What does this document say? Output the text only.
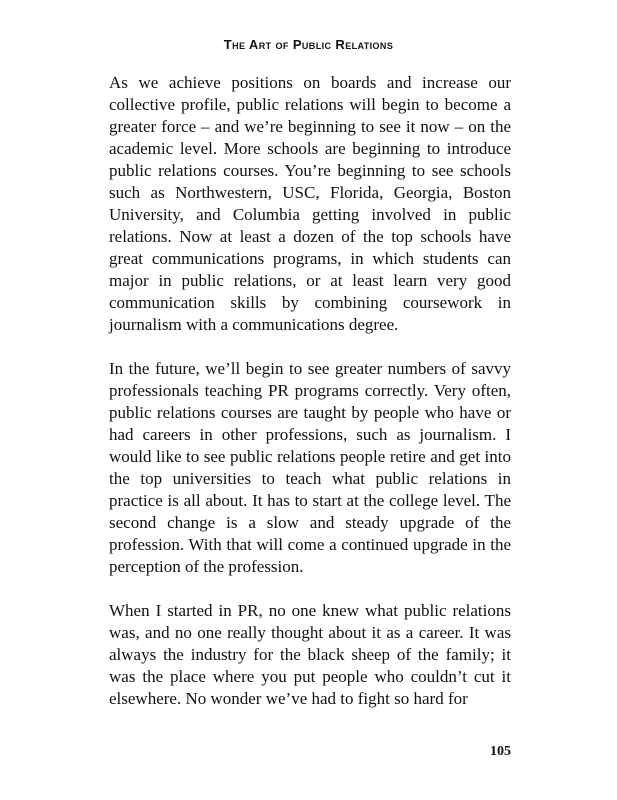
The Art of Public Relations

As we achieve positions on boards and increase our collective profile, public relations will begin to become a greater force – and we’re beginning to see it now – on the academic level. More schools are beginning to introduce public relations courses. You’re beginning to see schools such as Northwestern, USC, Florida, Georgia, Boston University, and Columbia getting involved in public relations. Now at least a dozen of the top schools have great communications programs, in which students can major in public relations, or at least learn very good communication skills by combining coursework in journalism with a communications degree.

In the future, we’ll begin to see greater numbers of savvy professionals teaching PR programs correctly. Very often, public relations courses are taught by people who have or had careers in other professions, such as journalism. I would like to see public relations people retire and get into the top universities to teach what public relations in practice is all about. It has to start at the college level. The second change is a slow and steady upgrade of the profession. With that will come a continued upgrade in the perception of the profession.

When I started in PR, no one knew what public relations was, and no one really thought about it as a career. It was always the industry for the black sheep of the family; it was the place where you put people who couldn’t cut it elsewhere. No wonder we’ve had to fight so hard for

105
